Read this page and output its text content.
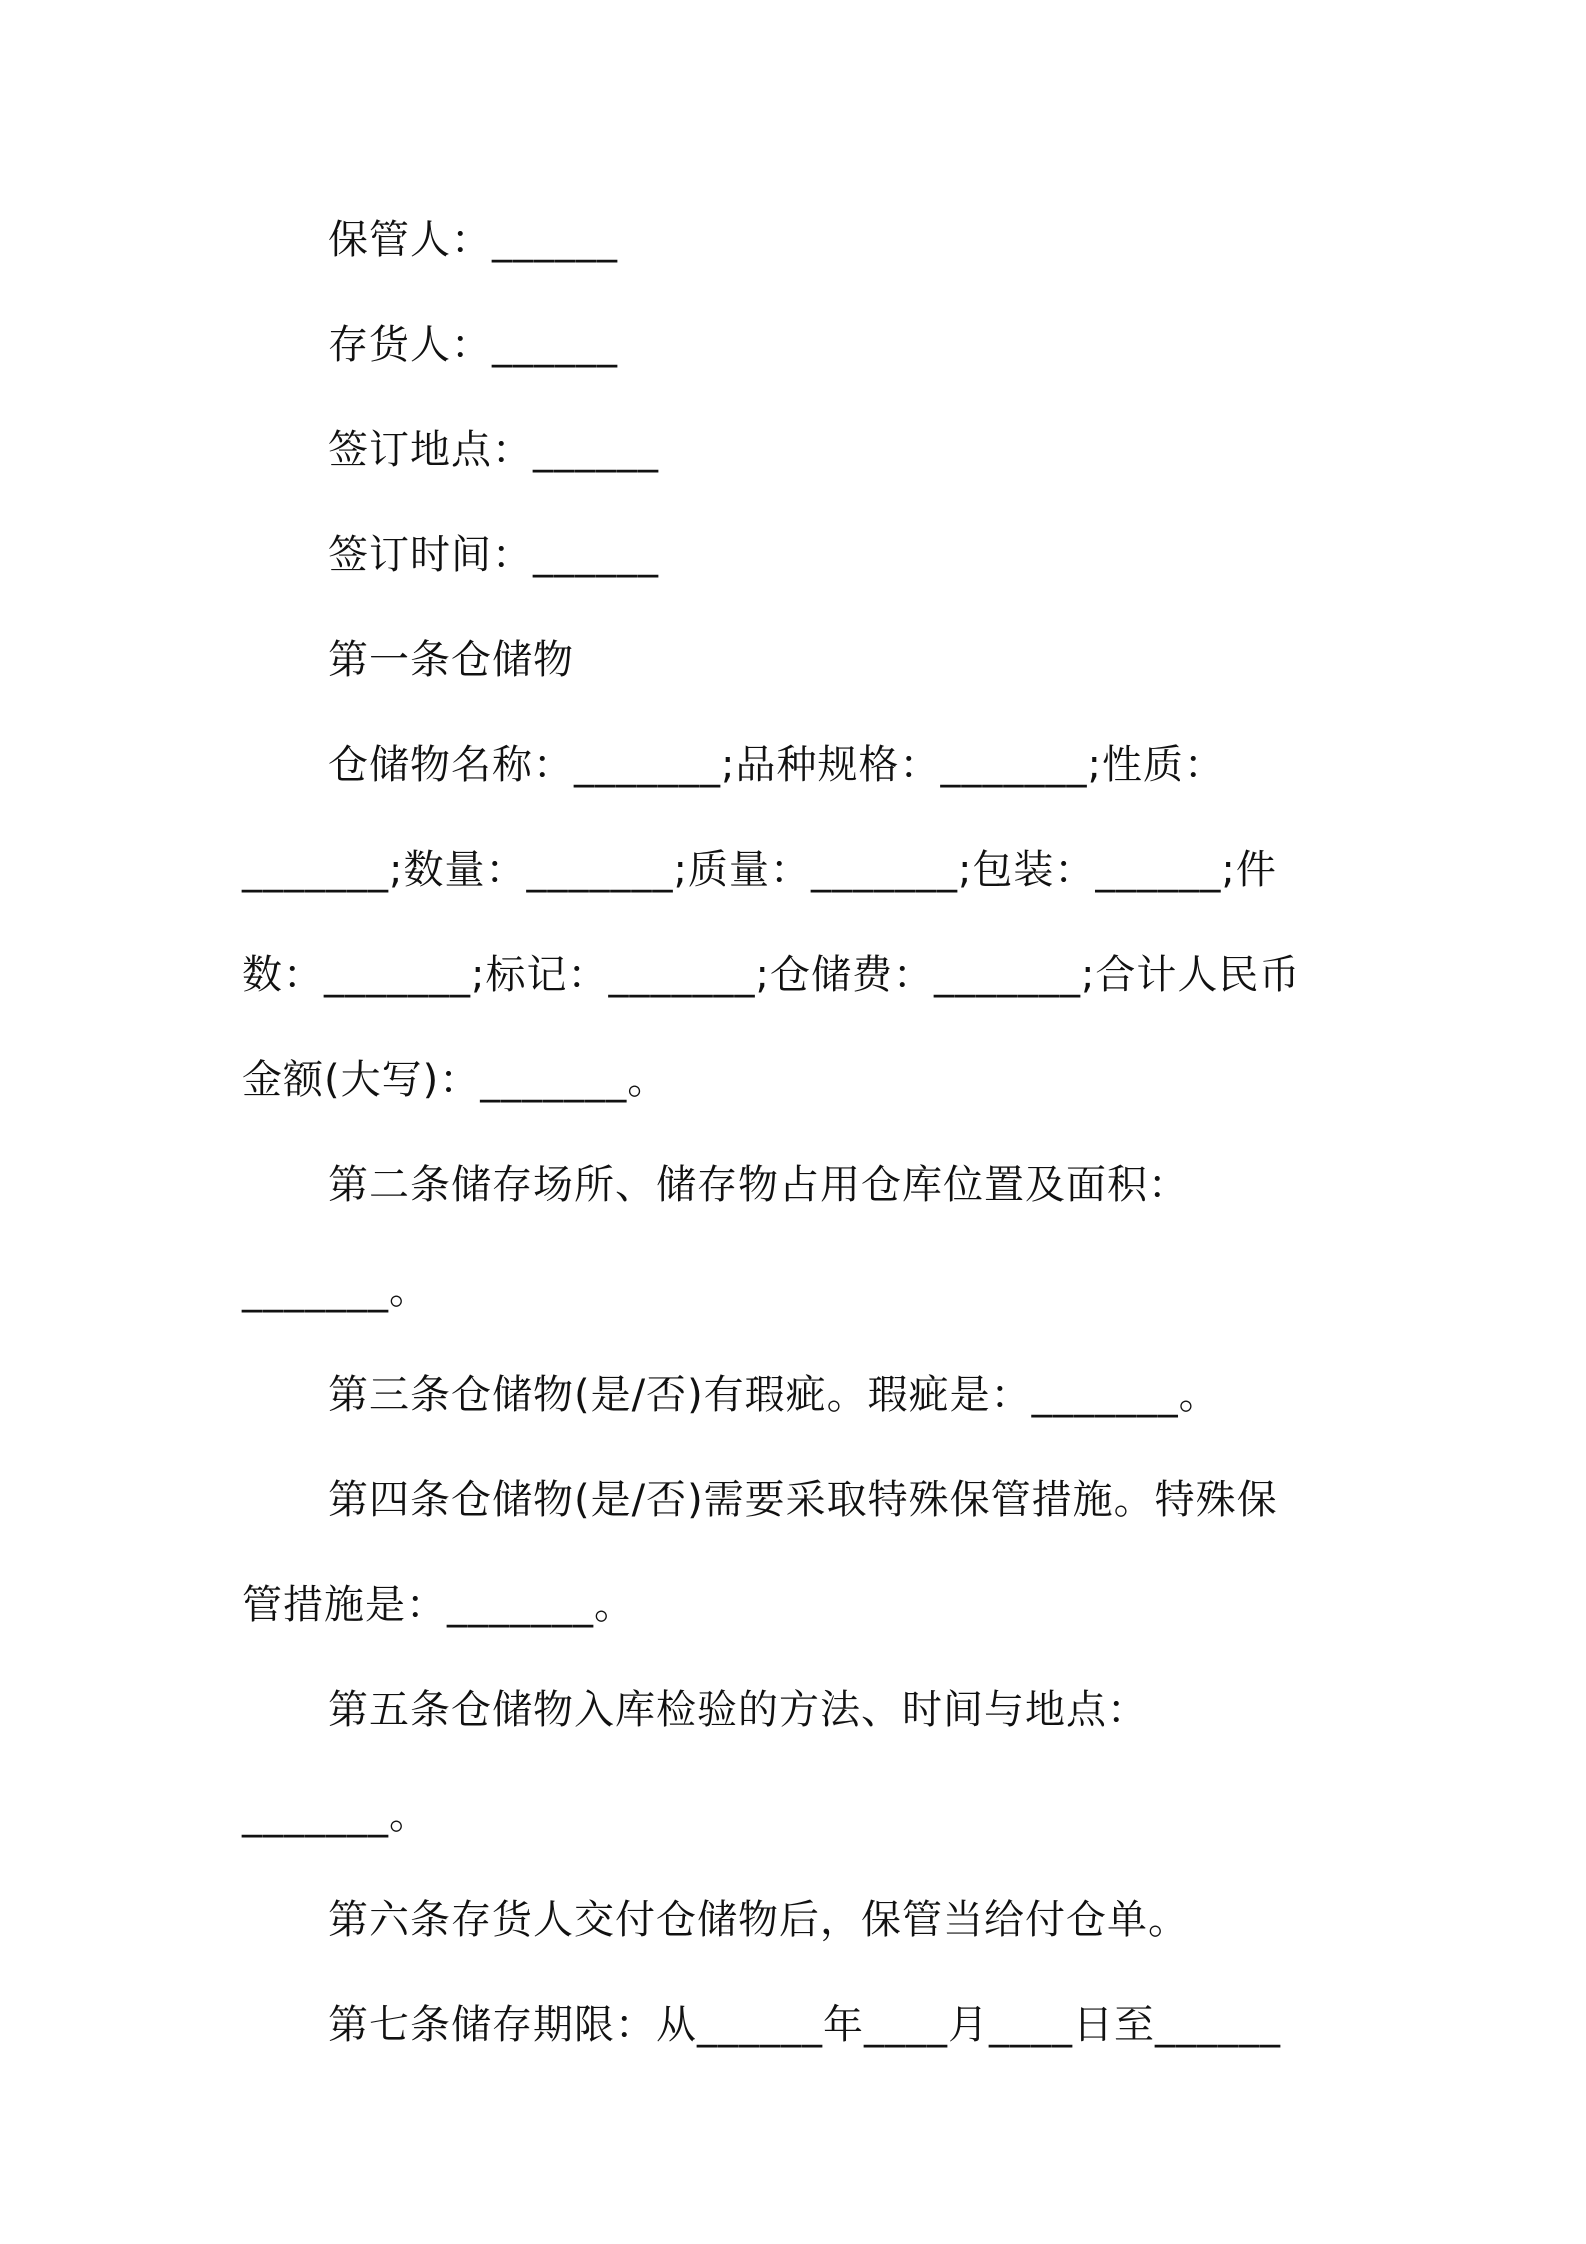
保管人：______
存货人：______
签订地点：______
签订时间：______
第一条仓储物
仓储物名称：_______;品种规格：_______;性质：
_______;数量：_______;质量：_______;包装：______;件
数：_______;标记：_______;仓储费：_______;合计人民币
金额(大写)：_______。
第二条储存场所、储存物占用仓库位置及面积：
_______。
第三条仓储物(是/否)有瑕疵。瑕疵是：_______。
第四条仓储物(是/否)需要采取特殊保管措施。特殊保
管措施是：_______。
第五条仓储物入库检验的方法、时间与地点：
_______。
第六条存货人交付仓储物后，保管当给付仓单。
第七条储存期限：从______年____月____日至______
